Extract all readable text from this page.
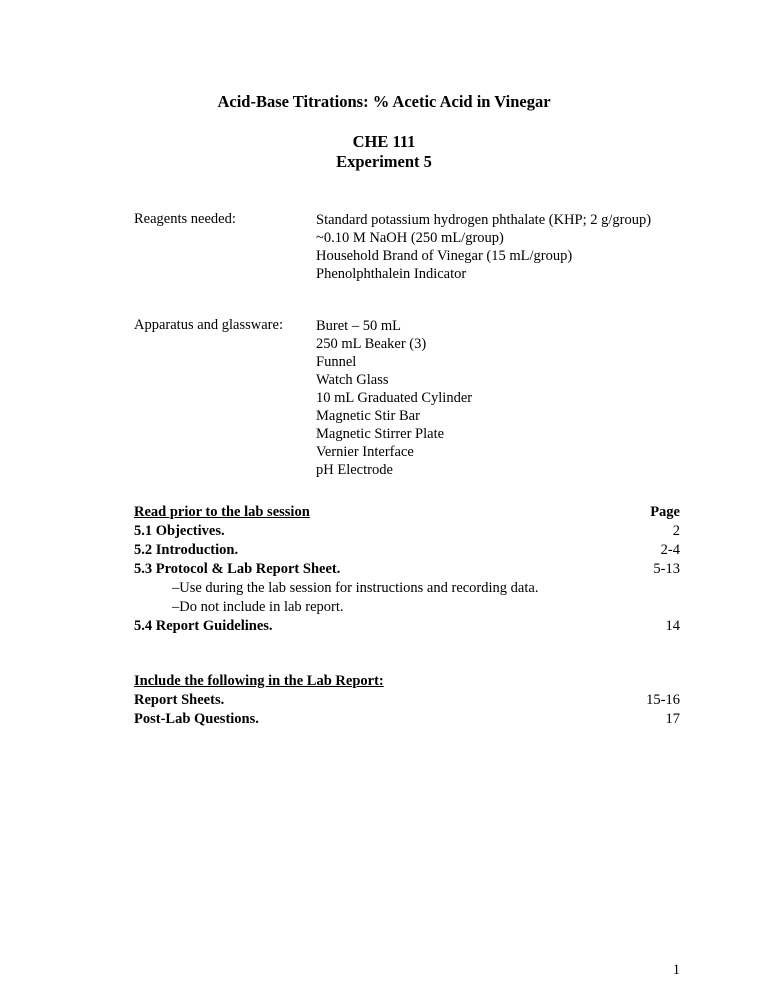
Acid-Base Titrations: % Acetic Acid in Vinegar
CHE 111
Experiment 5
Reagents needed:	Standard potassium hydrogen phthalate (KHP; 2 g/group)
~0.10 M NaOH (250 mL/group)
Household Brand of Vinegar (15 mL/group)
Phenolphthalein Indicator
Apparatus and glassware: Buret – 50 mL
250 mL Beaker (3)
Funnel
Watch Glass
10 mL Graduated Cylinder
Magnetic Stir Bar
Magnetic Stirrer Plate
Vernier Interface
pH Electrode
Read prior to the lab session	Page
5.1 Objectives.	2
5.2 Introduction.	2-4
5.3 Protocol & Lab Report Sheet.	5-13
–Use during the lab session for instructions and recording data.
–Do not include in lab report.
5.4 Report Guidelines.	14
Include the following in the Lab Report:
Report Sheets.	15-16
Post-Lab Questions.	17
1
